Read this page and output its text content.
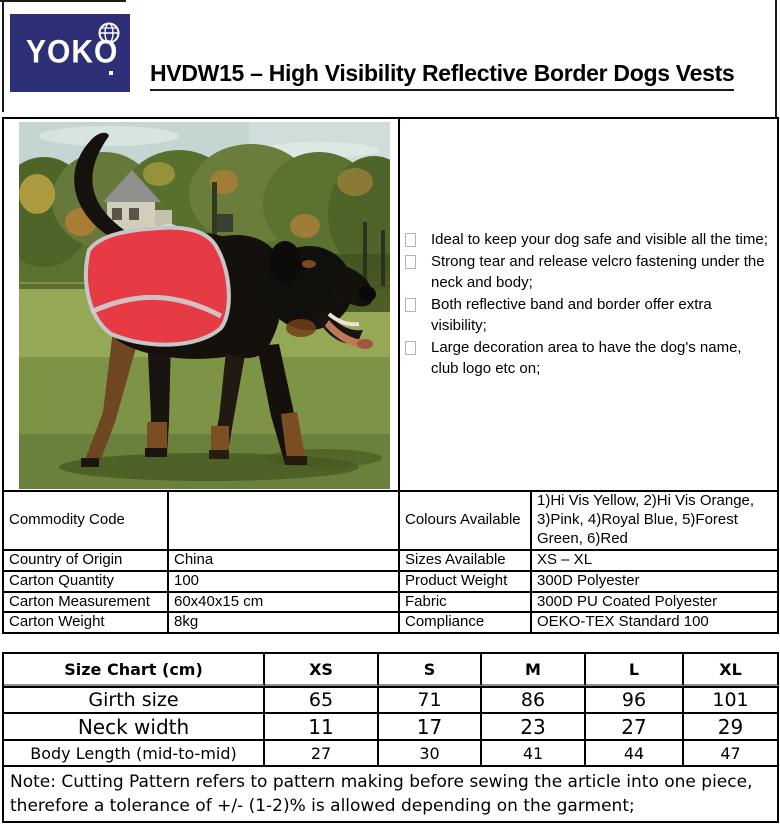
YOKO
HVDW15 – High Visibility Reflective Border Dogs Vests

Ideal to keep your dog safe and visible all the time;
Strong tear and release velcro fastening under the neck and body;
Both reflective band and border offer extra visibility;
Large decoration area to have the dog's name, club logo etc on;	

Commodity Code		Colours Available	1)Hi Vis Yellow, 2)Hi Vis Orange, 3)Pink, 4)Royal Blue, 5)Forest Green, 6)Red
Country of Origin	China	Sizes Available	XS – XL
Carton Quantity	100	Product Weight	300D Polyester
Carton Measurement	60x40x15 cm	Fabric	300D PU Coated Polyester
Carton Weight	8kg	Compliance	OEKO-TEX Standard 100
Size Chart (cm)	XS	S	M	L	XL
Girth size	65	71	86	96	101
Neck width	11	17	23	27	29
Body Length (mid-to-mid)	27	30	41	44	47
Note: Cutting Pattern refers to pattern making before sewing the article into one piece, therefore a tolerance of +/- (1-2)% is allowed depending on the garment;					
